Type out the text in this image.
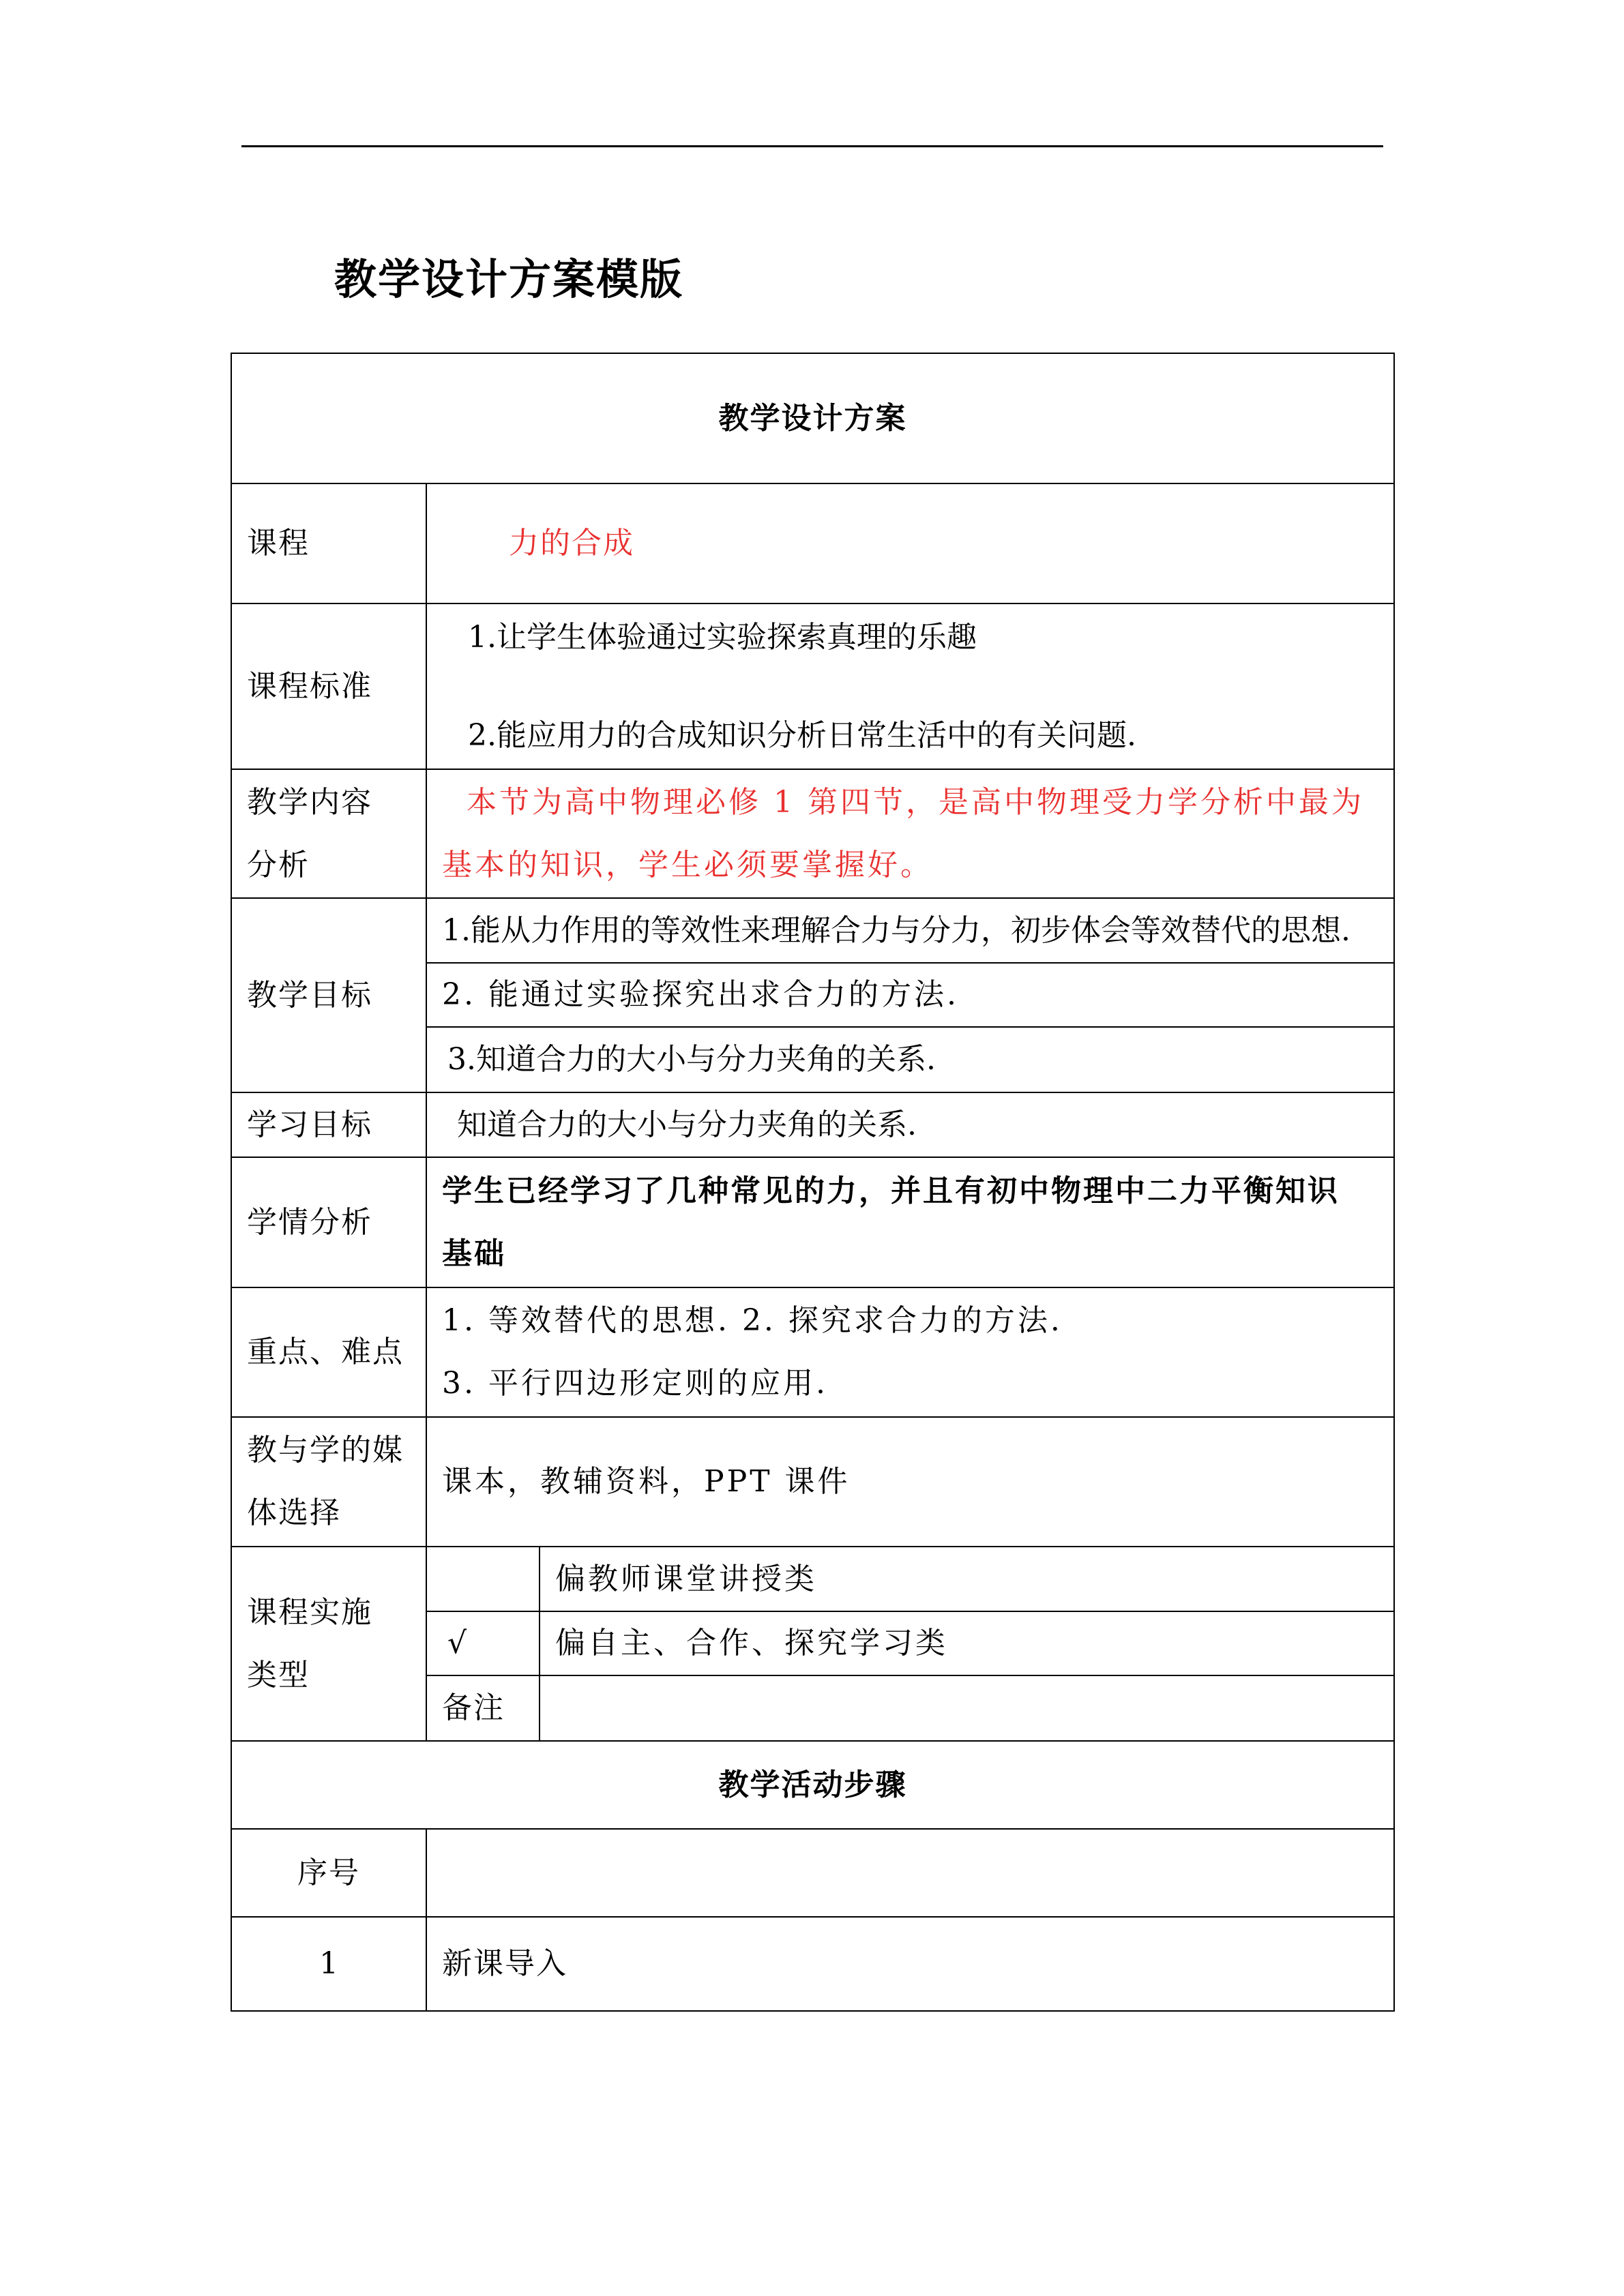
教学设计方案模版
教学设计方案		
课程	力的合成	
课程标准	1.让学生体验通过实验探索真理的乐趣
2.能应用力的合成知识分析日常生活中的有关问题.	

教学内容
分析	本节为高中物理必修 1 第四节，是高中物理受力学分析中最为
基本的知识，学生必须要掌握好。	

教学目标	1.能从力作用的等效性来理解合力与分力，初步体会等效替代的思想.	
	2. 能通过实验探究出求合力的方法.	
	3.知道合力的大小与分力夹角的关系.	
学习目标	知道合力的大小与分力夹角的关系.	
学情分析	学生已经学习了几种常见的力，并且有初中物理中二力平衡知识
基础	

重点、难点	1. 等效替代的思想. 2. 探究求合力的方法.
3. 平行四边形定则的应用.	

教与学的媒
体选择	课本，教辅资料，PPT 课件	

课程实施
类型		偏教师课堂讲授类
	√	偏自主、合作、探究学习类
	备注	
教学活动步骤		
序号		
1	新课导入	
